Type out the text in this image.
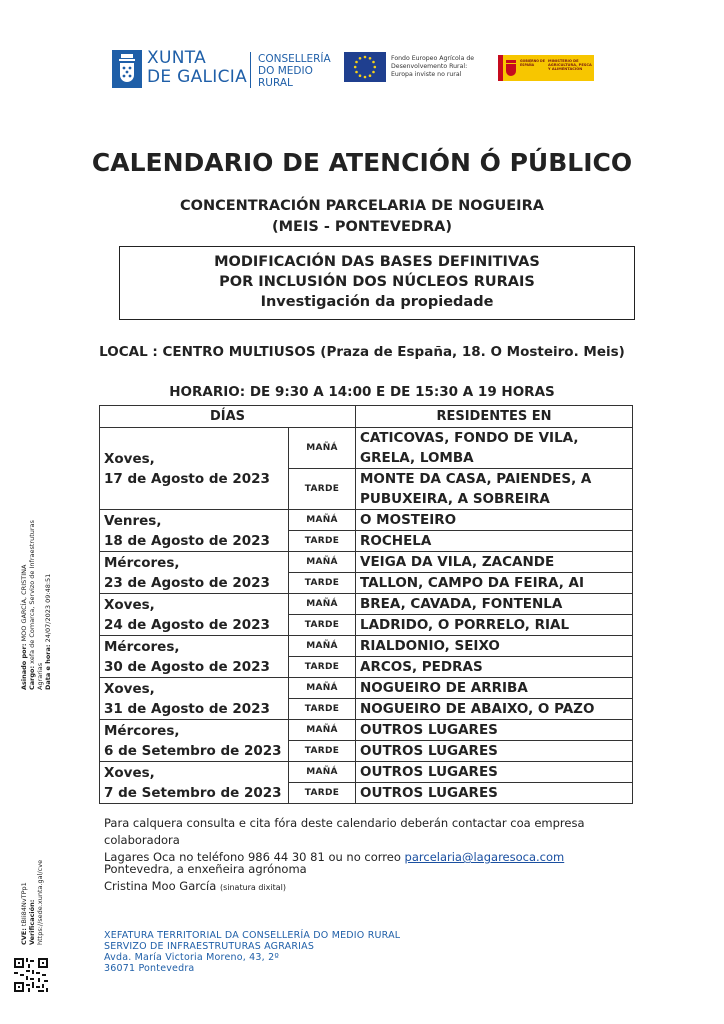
XUNTA
DE GALICIA
CONSELLERÍA
DO MEDIO
RURAL
Fondo Europeo Agrícola de
Desenvolvemento Rural:
Europa inviste no rural
GOBIERNO DE ESPAÑA
MINISTERIO DE AGRICULTURA, PESCA Y ALIMENTACIÓN
CALENDARIO DE ATENCIÓN Ó PÚBLICO
CONCENTRACIÓN PARCELARIA DE NOGUEIRA
(MEIS - PONTEVEDRA)
MODIFICACIÓN DAS BASES DEFINITIVAS
POR INCLUSIÓN DOS NÚCLEOS RURAIS
Investigación da propiedade
LOCAL : CENTRO MULTIUSOS (Praza de España, 18. O Mosteiro. Meis)
HORARIO: DE 9:30 A 14:00 E DE 15:30 A 19 HORAS
DÍAS		RESIDENTES EN

Xoves,
17 de Agosto de 2023	MAÑÁ	CATICOVAS, FONDO DE VILA, GRELA, LOMBA
	TARDE	MONTE DA CASA, PAIENDES, A PUBUXEIRA, A SOBREIRA

Venres,
18 de Agosto de 2023	MAÑÁ	O MOSTEIRO
	TARDE	ROCHELA

Mércores,
23 de Agosto de 2023	MAÑÁ	VEIGA DA VILA, ZACANDE
	TARDE	TALLON, CAMPO DA FEIRA, AI

Xoves,
24 de Agosto de 2023	MAÑÁ	BREA, CAVADA, FONTENLA
	TARDE	LADRIDO, O PORRELO, RIAL

Mércores,
30 de Agosto de 2023	MAÑÁ	RIALDONIO, SEIXO
	TARDE	ARCOS, PEDRAS

Xoves,
31 de Agosto de 2023	MAÑÁ	NOGUEIRO DE ARRIBA
	TARDE	NOGUEIRO DE ABAIXO, O PAZO

Mércores,
6 de Setembro de 2023	MAÑÁ	OUTROS LUGARES
	TARDE	OUTROS LUGARES

Xoves,
7 de Setembro de 2023	MAÑÁ	OUTROS LUGARES
	TARDE	OUTROS LUGARES
Para calquera consulta e cita fóra deste calendario deberán contactar coa empresa colaboradora
Lagares Oca no teléfono 986 44 30 81 ou no correo parcelaria@lagaresoca.com
Pontevedra, a enxeñeira agrónoma
Cristina Moo García (sinatura dixital)
XEFATURA TERRITORIAL DA CONSELLERÍA DO MEDIO RURAL
SERVIZO DE INFRAESTRUTURAS AGRARIAS
Avda. María Victoria Moreno, 43, 2º
36071 Pontevedra
Asinado por: MOO GARCÍA, CRISTINA
Cargo: xefa de Comarca, Servizo de Infraestruturas
Agrarias Data e hora: 24/07/2023 09:48:51
CVE: tBIi84NvTPp1 Verificación: https://sede.xunta.gal/cve
